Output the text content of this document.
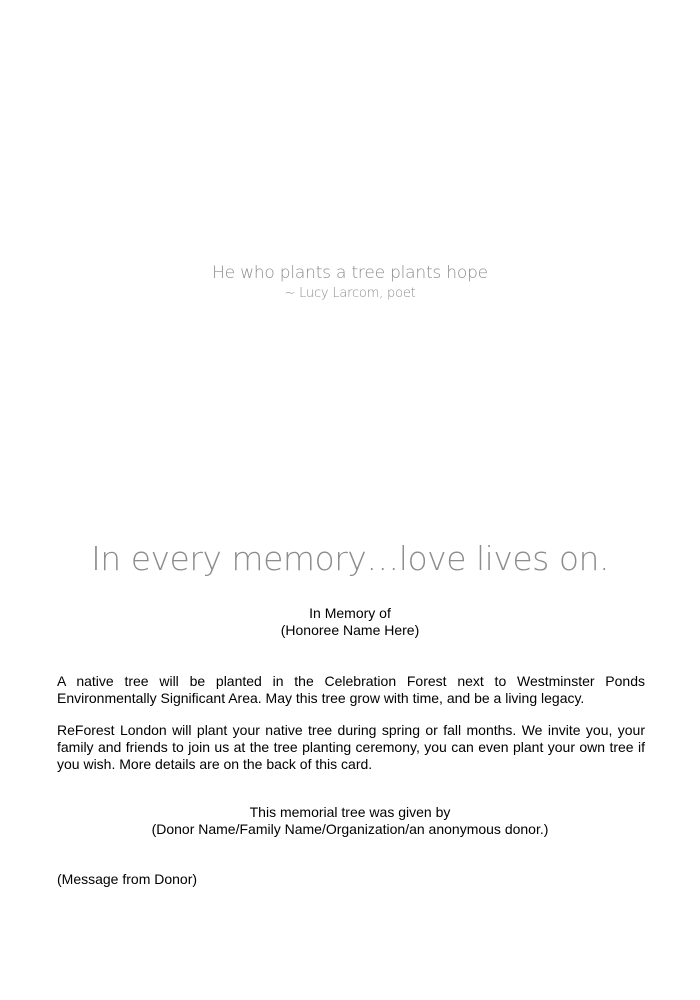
He who plants a tree plants hope
~ Lucy Larcom, poet
In every memory…love lives on.
In Memory of
(Honoree Name Here)
A native tree will be planted in the Celebration Forest next to Westminster Ponds Environmentally Significant Area. May this tree grow with time, and be a living legacy.
ReForest London will plant your native tree during spring or fall months. We invite you, your family and friends to join us at the tree planting ceremony, you can even plant your own tree if you wish. More details are on the back of this card.
This memorial tree was given by
(Donor Name/Family Name/Organization/an anonymous donor.)
(Message from Donor)
